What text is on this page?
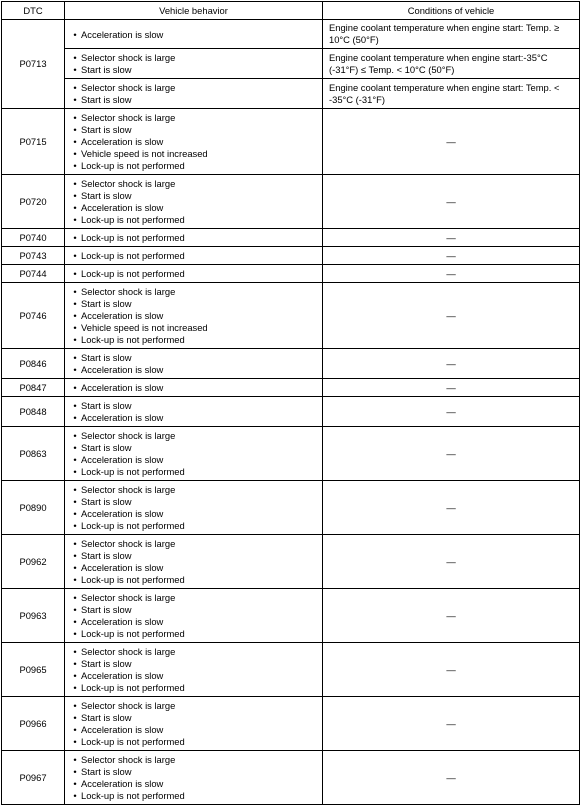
DTC	Vehicle behavior	Conditions of vehicle
P0713	• Acceleration is slow	Engine coolant temperature when engine start: Temp. ≥ 10°C (50°F)

	• Selector shock is large
• Start is slow	Engine coolant temperature when engine start:-35°C (-31°F) ≤ Temp. < 10°C (50°F)

	• Selector shock is large
• Start is slow	Engine coolant temperature when engine start: Temp. < -35°C (-31°F)
P0715	• Selector shock is large
• Start is slow
• Acceleration is slow
• Vehicle speed is not increased
• Lock-up is not performed	—
P0720	• Selector shock is large
• Start is slow
• Acceleration is slow
• Lock-up is not performed	—
P0740	• Lock-up is not performed	—
P0743	• Lock-up is not performed	—
P0744	• Lock-up is not performed	—
P0746	• Selector shock is large
• Start is slow
• Acceleration is slow
• Vehicle speed is not increased
• Lock-up is not performed	—
P0846	• Start is slow
• Acceleration is slow	—
P0847	• Acceleration is slow	—
P0848	• Start is slow
• Acceleration is slow	—
P0863	• Selector shock is large
• Start is slow
• Acceleration is slow
• Lock-up is not performed	—
P0890	• Selector shock is large
• Start is slow
• Acceleration is slow
• Lock-up is not performed	—
P0962	• Selector shock is large
• Start is slow
• Acceleration is slow
• Lock-up is not performed	—
P0963	• Selector shock is large
• Start is slow
• Acceleration is slow
• Lock-up is not performed	—
P0965	• Selector shock is large
• Start is slow
• Acceleration is slow
• Lock-up is not performed	—
P0966	• Selector shock is large
• Start is slow
• Acceleration is slow
• Lock-up is not performed	—
P0967	• Selector shock is large
• Start is slow
• Acceleration is slow
• Lock-up is not performed	—
